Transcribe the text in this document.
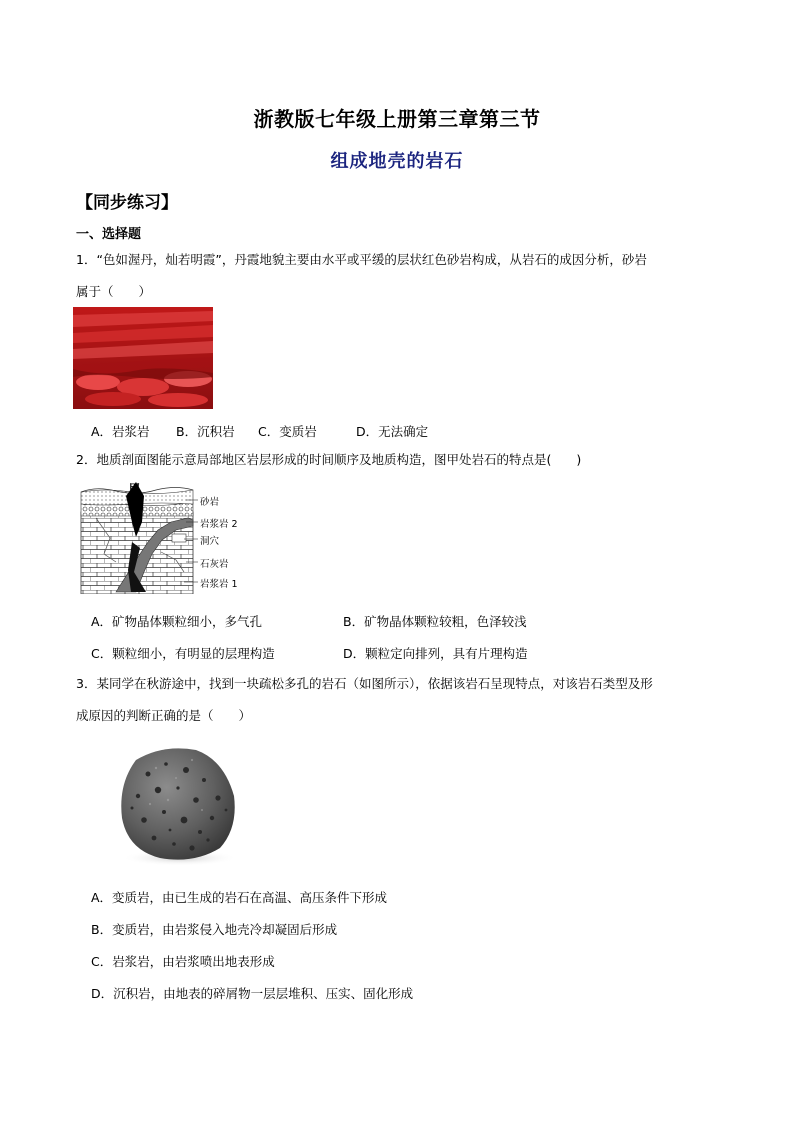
浙教版七年级上册第三章第三节
组成地壳的岩石
【同步练习】
一、选择题
1．“色如渥丹，灿若明霞”，丹霞地貌主要由水平或平缓的层状红色砂岩构成，从岩石的成因分析，砂岩
属于（　　）
A．岩浆岩 B．沉积岩 C．变质岩	D．无法确定
2．地质剖面图能示意局部地区岩层形成的时间顺序及地质构造，图甲处岩石的特点是(　　)
甲
砂岩
岩浆岩 2
洞穴
石灰岩
岩浆岩 1
A．矿物晶体颗粒细小，多气孔	B．矿物晶体颗粒较粗，色泽较浅
C．颗粒细小，有明显的层理构造	D．颗粒定向排列，具有片理构造
3．某同学在秋游途中，找到一块疏松多孔的岩石（如图所示），依据该岩石呈现特点，对该岩石类型及形
成原因的判断正确的是（　　）
A．变质岩，由已生成的岩石在高温、高压条件下形成
B．变质岩，由岩浆侵入地壳冷却凝固后形成
C．岩浆岩，由岩浆喷出地表形成
D．沉积岩，由地表的碎屑物一层层堆积、压实、固化形成
